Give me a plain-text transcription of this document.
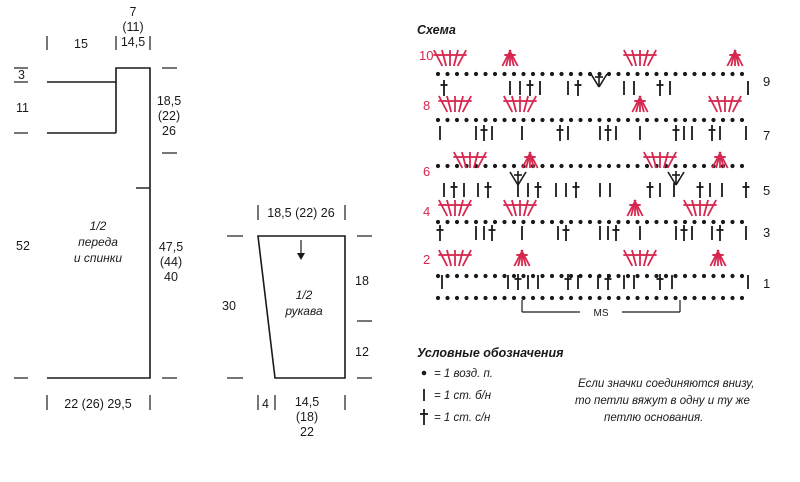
15
7
(11)
14,5
3
11
52
18,5
(22)
26
47,5
(44)
40
1/2
переда
и спинки
22 (26) 29,5
18,5 (22) 26
30
18
12
1/2
рукава
4 14,5
(18)
22
Схема
10
8
6
4
2
9
7
5
3
1
MS
Условные обозначения
= 1 возд. п.
= 1 ст. б/н
= 1 ст. с/н
Если значки соединяются внизу,
то петли вяжут в одну и ту же
петлю основания.
